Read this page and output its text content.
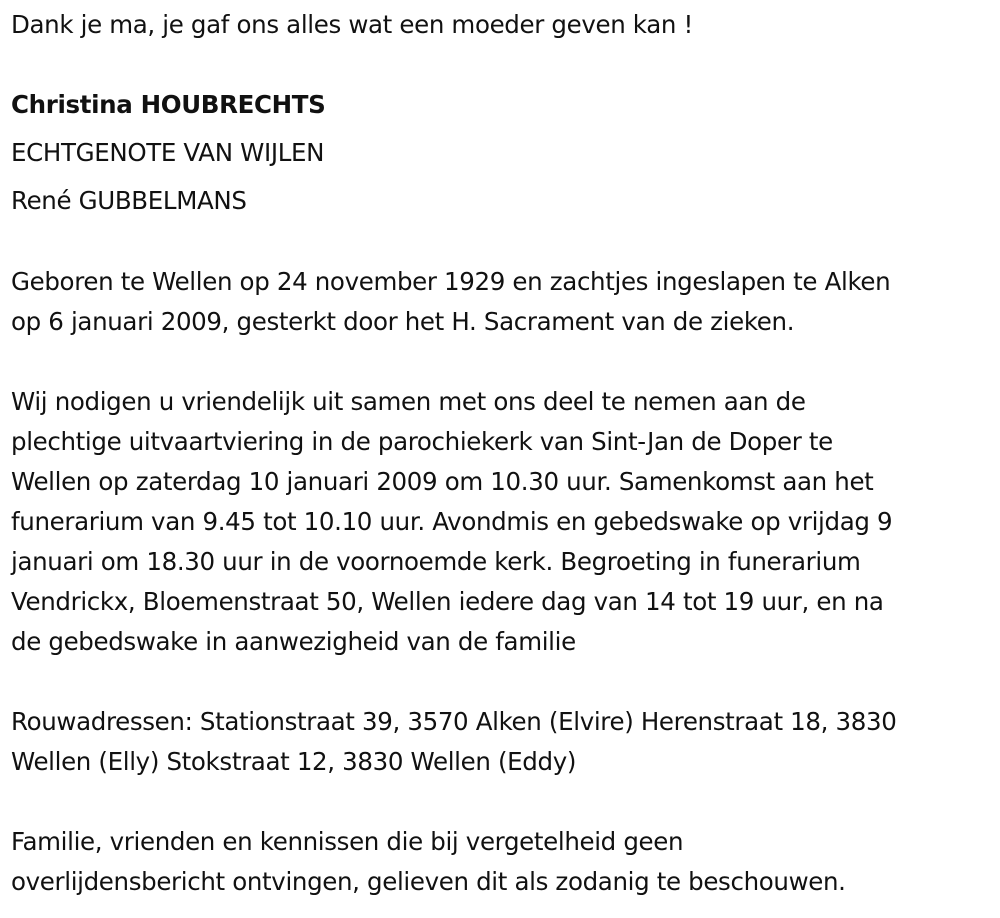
Dank je ma, je gaf ons alles wat een moeder geven kan !
Christina HOUBRECHTS
ECHTGENOTE VAN WIJLEN
René GUBBELMANS
Geboren te Wellen op 24 november 1929 en zachtjes ingeslapen te Alken
op 6 januari 2009, gesterkt door het H. Sacrament van de zieken.
Wij nodigen u vriendelijk uit samen met ons deel te nemen aan de
plechtige uitvaartviering in de parochiekerk van Sint-Jan de Doper te
Wellen op zaterdag 10 januari 2009 om 10.30 uur. Samenkomst aan het
funerarium van 9.45 tot 10.10 uur. Avondmis en gebedswake op vrijdag 9
januari om 18.30 uur in de voornoemde kerk. Begroeting in funerarium
Vendrickx, Bloemenstraat 50, Wellen iedere dag van 14 tot 19 uur, en na
de gebedswake in aanwezigheid van de familie
Rouwadressen: Stationstraat 39, 3570 Alken (Elvire) Herenstraat 18, 3830
Wellen (Elly) Stokstraat 12, 3830 Wellen (Eddy)
Familie, vrienden en kennissen die bij vergetelheid geen
overlijdensbericht ontvingen, gelieven dit als zodanig te beschouwen.
